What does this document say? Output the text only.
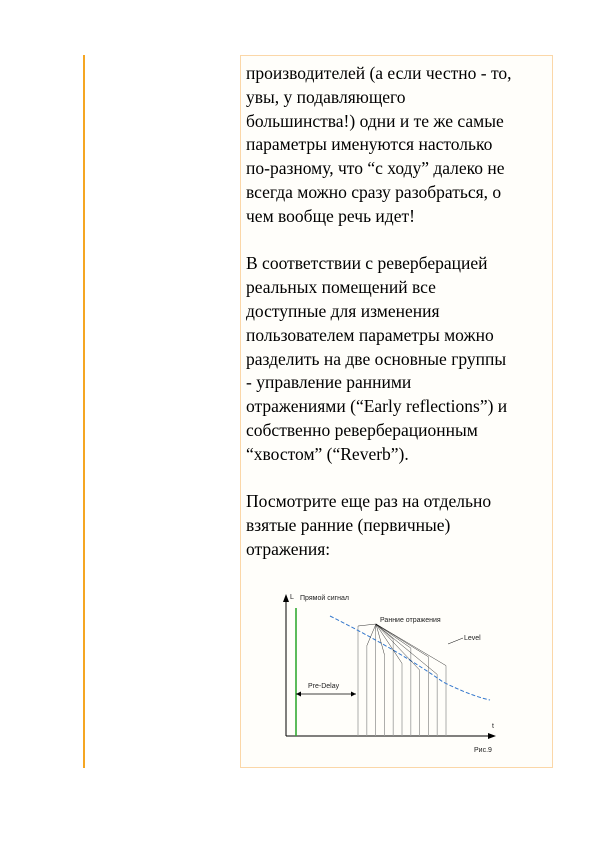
производителей (а если честно - то,
увы, у подавляющего
большинства!) одни и те же самые
параметры именуются настолько
по-разному, что “с ходу” далеко не
всегда можно сразу разобраться, о
чем вообще речь идет!

В соответствии с реверберацией
реальных помещений все
доступные для изменения
пользователем параметры можно
разделить на две основные группы
- управление ранними
отражениями (“Early reflections”) и
собственно реверберационным
“хвостом” (“Reverb”).

Посмотрите еще раз на отдельно
взятые ранние (первичные)
отражения:

L
t
Прямой сигнал
Level
Ранние отражения
Pre-Delay
Рис.9
